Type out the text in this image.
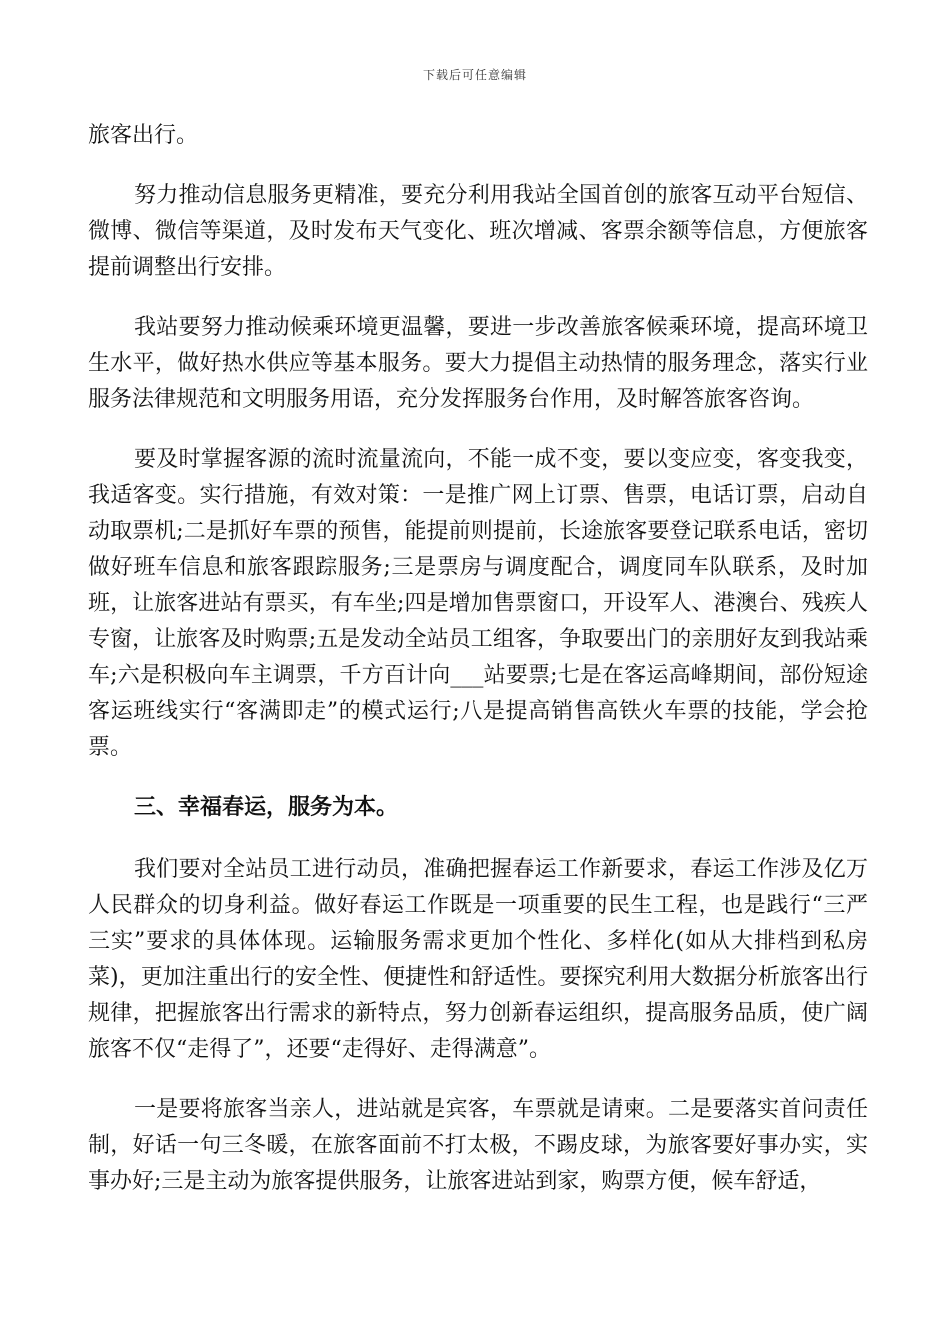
下载后可任意编辑

旅客出行。

努力推动信息服务更精准，要充分利用我站全国首创的旅客互动平台短信、微博、微信等渠道，及时发布天气变化、班次增减、客票余额等信息，方便旅客提前调整出行安排。

我站要努力推动候乘环境更温馨，要进一步改善旅客候乘环境，提高环境卫生水平，做好热水供应等基本服务。要大力提倡主动热情的服务理念，落实行业服务法律规范和文明服务用语，充分发挥服务台作用，及时解答旅客咨询。

要及时掌握客源的流时流量流向，不能一成不变，要以变应变，客变我变，我适客变。实行措施，有效对策：一是推广网上订票、售票，电话订票，启动自动取票机;二是抓好车票的预售，能提前则提前，长途旅客要登记联系电话，密切做好班车信息和旅客跟踪服务;三是票房与调度配合，调度同车队联系，及时加班，让旅客进站有票买，有车坐;四是增加售票窗口，开设军人、港澳台、残疾人专窗，让旅客及时购票;五是发动全站员工组客，争取要出门的亲朋好友到我站乘车;六是积极向车主调票，千方百计向___站要票;七是在客运高峰期间，部份短途客运班线实行“客满即走”的模式运行;八是提高销售高铁火车票的技能，学会抢票。

三、幸福春运，服务为本。

我们要对全站员工进行动员，准确把握春运工作新要求，春运工作涉及亿万人民群众的切身利益。做好春运工作既是一项重要的民生工程，也是践行“三严三实”要求的具体体现。运输服务需求更加个性化、多样化(如从大排档到私房菜)，更加注重出行的安全性、便捷性和舒适性。要探究利用大数据分析旅客出行规律，把握旅客出行需求的新特点，努力创新春运组织，提高服务品质，使广阔旅客不仅“走得了”，还要“走得好、走得满意”。

一是要将旅客当亲人，进站就是宾客，车票就是请柬。二是要落实首问责任制，好话一句三冬暖，在旅客面前不打太极，不踢皮球，为旅客要好事办实，实事办好;三是主动为旅客提供服务，让旅客进站到家，购票方便，候车舒适，
